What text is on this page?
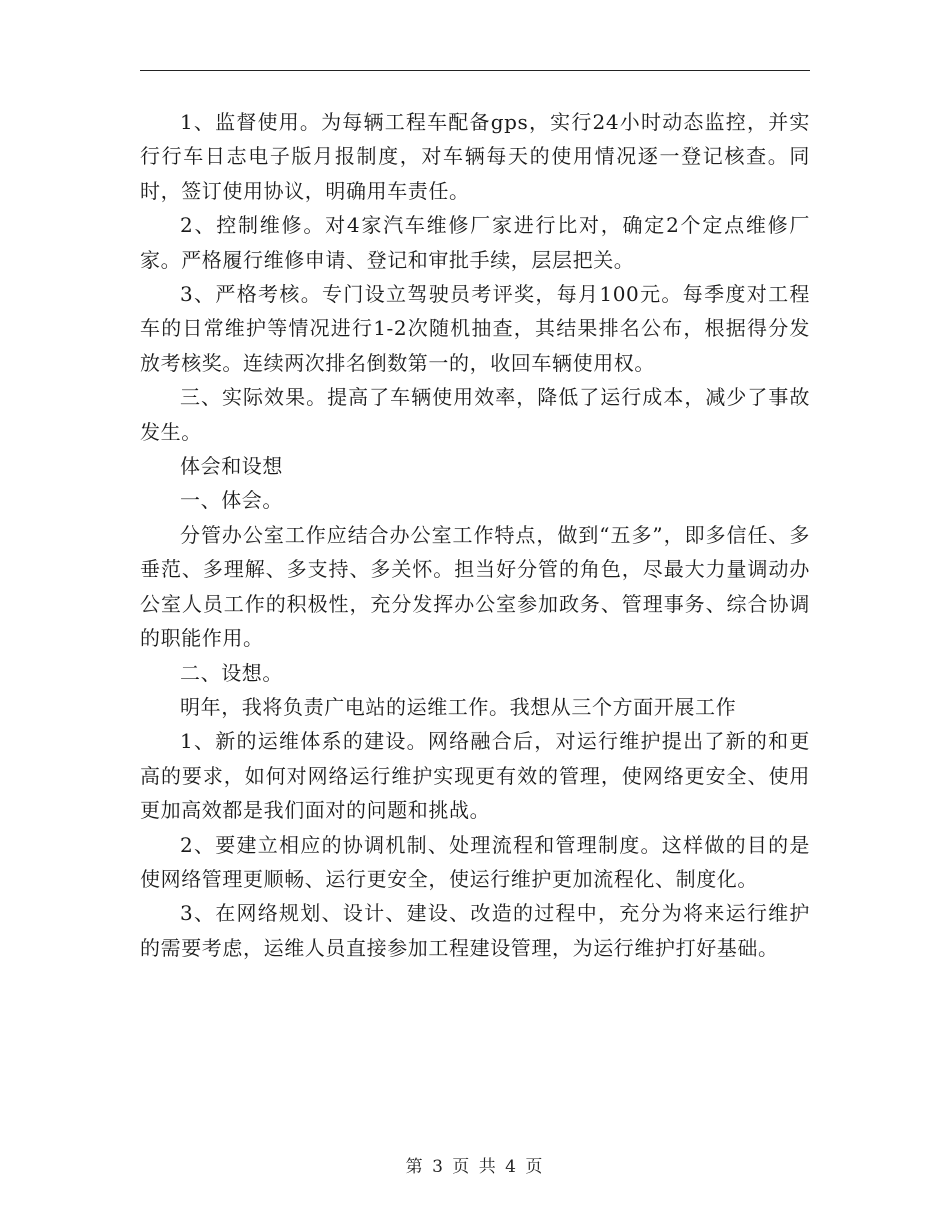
1、监督使用。为每辆工程车配备gps，实行24小时动态监控，并实行行车日志电子版月报制度，对车辆每天的使用情况逐一登记核查。同时，签订使用协议，明确用车责任。

2、控制维修。对4家汽车维修厂家进行比对，确定2个定点维修厂家。严格履行维修申请、登记和审批手续，层层把关。

3、严格考核。专门设立驾驶员考评奖，每月100元。每季度对工程车的日常维护等情况进行1-2次随机抽查，其结果排名公布，根据得分发放考核奖。连续两次排名倒数第一的，收回车辆使用权。

三、实际效果。提高了车辆使用效率，降低了运行成本，减少了事故发生。

体会和设想

一、体会。

分管办公室工作应结合办公室工作特点，做到“五多”，即多信任、多垂范、多理解、多支持、多关怀。担当好分管的角色，尽最大力量调动办公室人员工作的积极性，充分发挥办公室参加政务、管理事务、综合协调的职能作用。

二、设想。

明年，我将负责广电站的运维工作。我想从三个方面开展工作

1、新的运维体系的建设。网络融合后，对运行维护提出了新的和更高的要求，如何对网络运行维护实现更有效的管理，使网络更安全、使用更加高效都是我们面对的问题和挑战。

2、要建立相应的协调机制、处理流程和管理制度。这样做的目的是使网络管理更顺畅、运行更安全，使运行维护更加流程化、制度化。

3、在网络规划、设计、建设、改造的过程中，充分为将来运行维护的需要考虑，运维人员直接参加工程建设管理，为运行维护打好基础。

第 3 页 共 4 页
